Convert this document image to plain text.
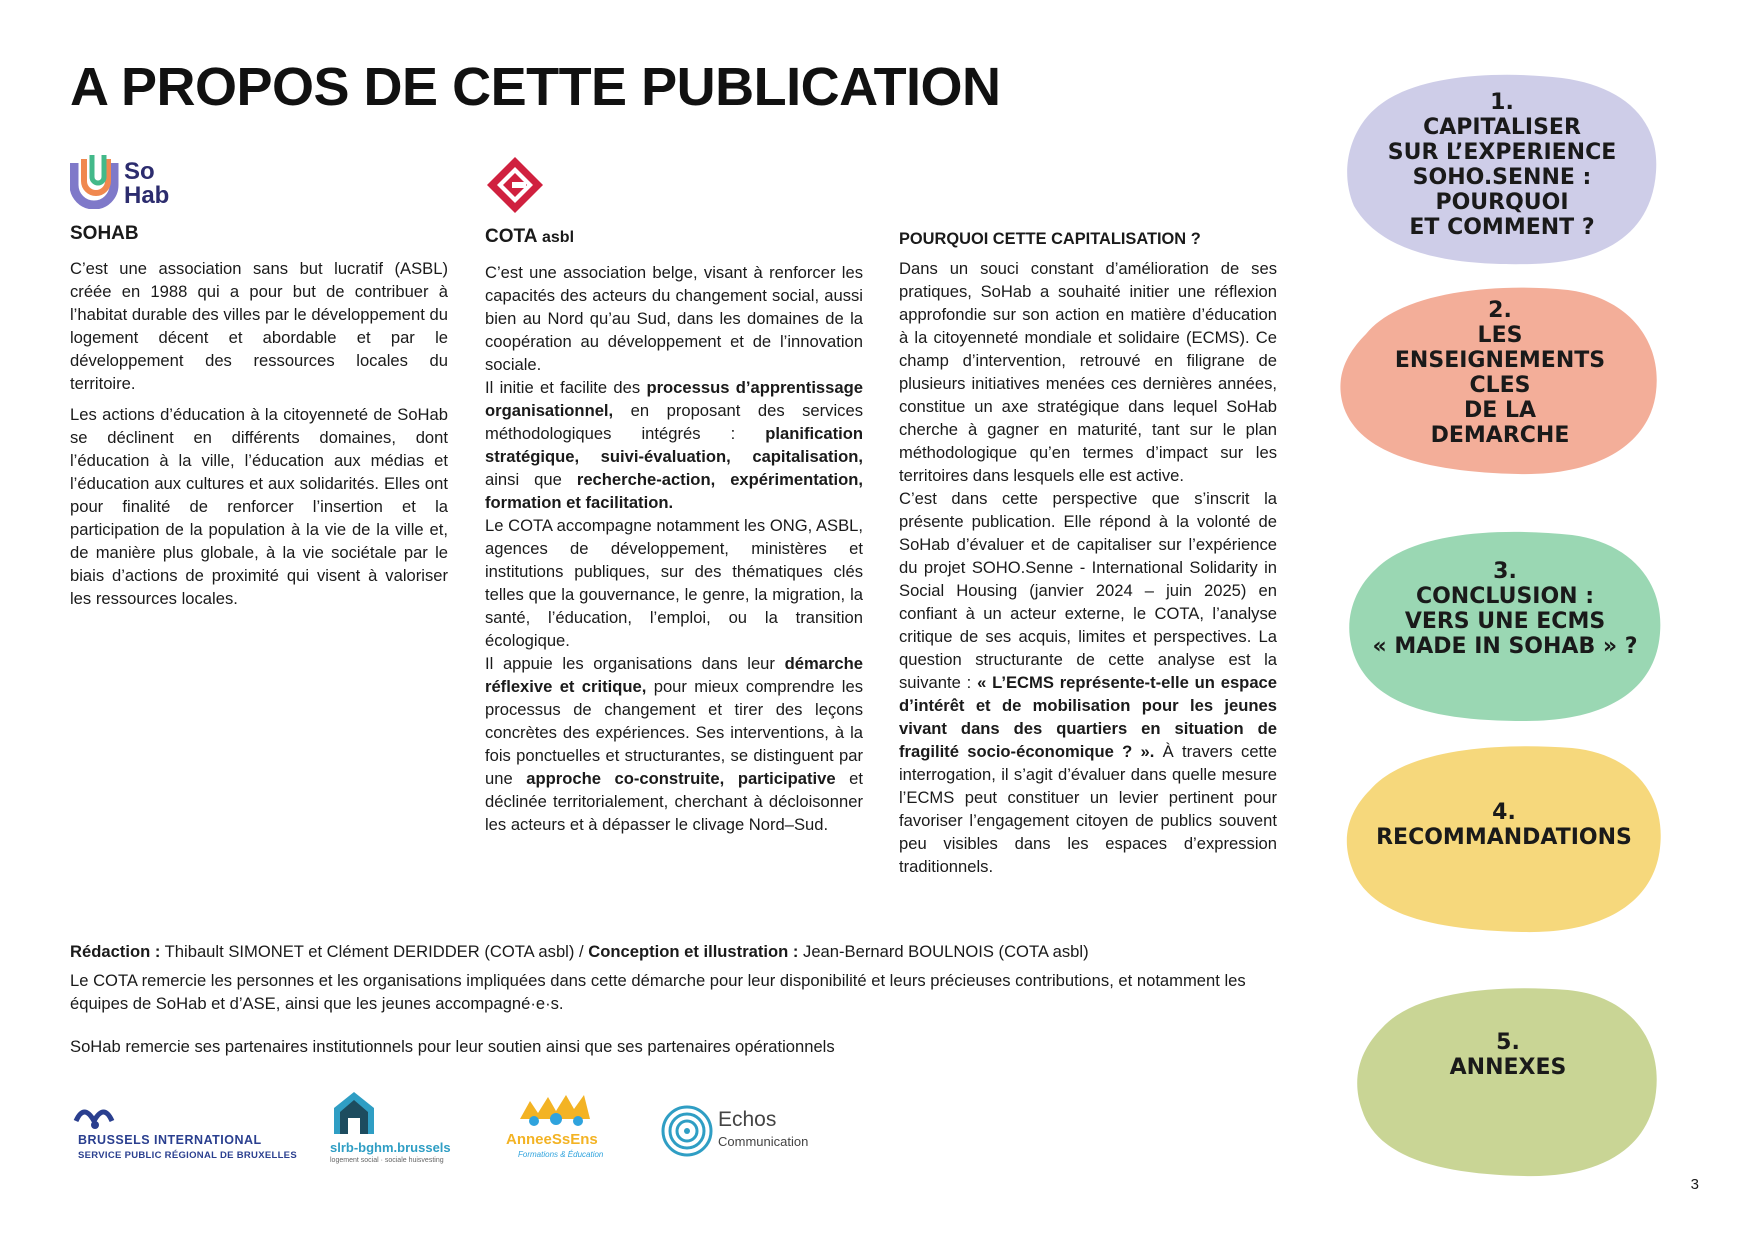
A PROPOS DE CETTE PUBLICATION
So
Hab
SOHAB

C’est une association sans but lucratif (ASBL) créée en 1988 qui a pour but de contribuer à l’habitat durable des villes par le développement du logement décent et abordable et par le développement des ressources locales du territoire.

Les actions d’éducation à la citoyenneté de SoHab se déclinent en différents domaines, dont l’éducation à la ville, l’éducation aux médias et l’éducation aux cultures et aux solidarités. Elles ont pour finalité de renforcer l’insertion et la participation de la population à la vie de la ville et, de manière plus globale, à la vie sociétale par le biais d’actions de proximité qui visent à valoriser les ressources locales.

COTA asbl

C’est une association belge, visant à renforcer les capacités des acteurs du changement social, aussi bien au Nord qu’au Sud, dans les domaines de la coopération au développement et de l’innovation sociale.

Il initie et facilite des processus d’apprentissage organisationnel, en proposant des services méthodologiques intégrés : planification stratégique, suivi-évaluation, capitalisation, ainsi que recherche-action, expérimentation, formation et facilitation.

Le COTA accompagne notamment les ONG, ASBL, agences de développement, ministères et institutions publiques, sur des thématiques clés telles que la gouvernance, le genre, la migration, la santé, l’éducation, l’emploi, ou la transition écologique.

Il appuie les organisations dans leur démarche réflexive et critique, pour mieux comprendre les processus de changement et tirer des leçons concrètes des expériences. Ses interventions, à la fois ponctuelles et structurantes, se distinguent par une approche co-construite, participative et déclinée territorialement, cherchant à décloisonner les acteurs et à dépasser le clivage Nord–Sud.

POURQUOI CETTE CAPITALISATION ?

Dans un souci constant d’amélioration de ses pratiques, SoHab a souhaité initier une réflexion approfondie sur son action en matière d’éducation à la citoyenneté mondiale et solidaire (ECMS). Ce champ d’intervention, retrouvé en filigrane de plusieurs initiatives menées ces dernières années, constitue un axe stratégique dans lequel SoHab cherche à gagner en maturité, tant sur le plan méthodologique qu’en termes d’impact sur les territoires dans lesquels elle est active.

C’est dans cette perspective que s’inscrit la présente publication. Elle répond à la volonté de SoHab d’évaluer et de capitaliser sur l’expérience du projet SOHO.Senne - International Solidarity in Social Housing (janvier 2024 – juin 2025) en confiant à un acteur externe, le COTA, l’analyse critique de ses acquis, limites et perspectives. La question structurante de cette analyse est la suivante : « L’ECMS représente-t-elle un espace d’intérêt et de mobilisation pour les jeunes vivant dans des quartiers en situation de fragilité socio-économique ? ». À travers cette interrogation, il s’agit d’évaluer dans quelle mesure l’ECMS peut constituer un levier pertinent pour favoriser l’engagement citoyen de publics souvent peu visibles dans les espaces d’expression traditionnels.

Rédaction : Thibault SIMONET et Clément DERIDDER (COTA asbl) / Conception et illustration : Jean-Bernard BOULNOIS (COTA asbl)

Le COTA remercie les personnes et les organisations impliquées dans cette démarche pour leur disponibilité et leurs précieuses contributions, et notamment les équipes de SoHab et d’ASE, ainsi que les jeunes accompagné·e·s.

SoHab remercie ses partenaires institutionnels pour leur soutien ainsi que ses partenaires opérationnels

BRUSSELS INTERNATIONAL
SERVICE PUBLIC RÉGIONAL DE BRUXELLES
slrb-bghm.brussels
logement social · sociale huisvesting
AnneeSsEns
Formations & Éducation
Echos
Communication
1.
CAPITALISER
SUR L’EXPERIENCE
SOHO.SENNE :
POURQUOI
ET COMMENT ?
2.
LES
ENSEIGNEMENTS
CLES
DE LA
DEMARCHE
3.
CONCLUSION :
VERS UNE ECMS
« MADE IN SOHAB » ?
4.
RECOMMANDATIONS
5.
ANNEXES
3
